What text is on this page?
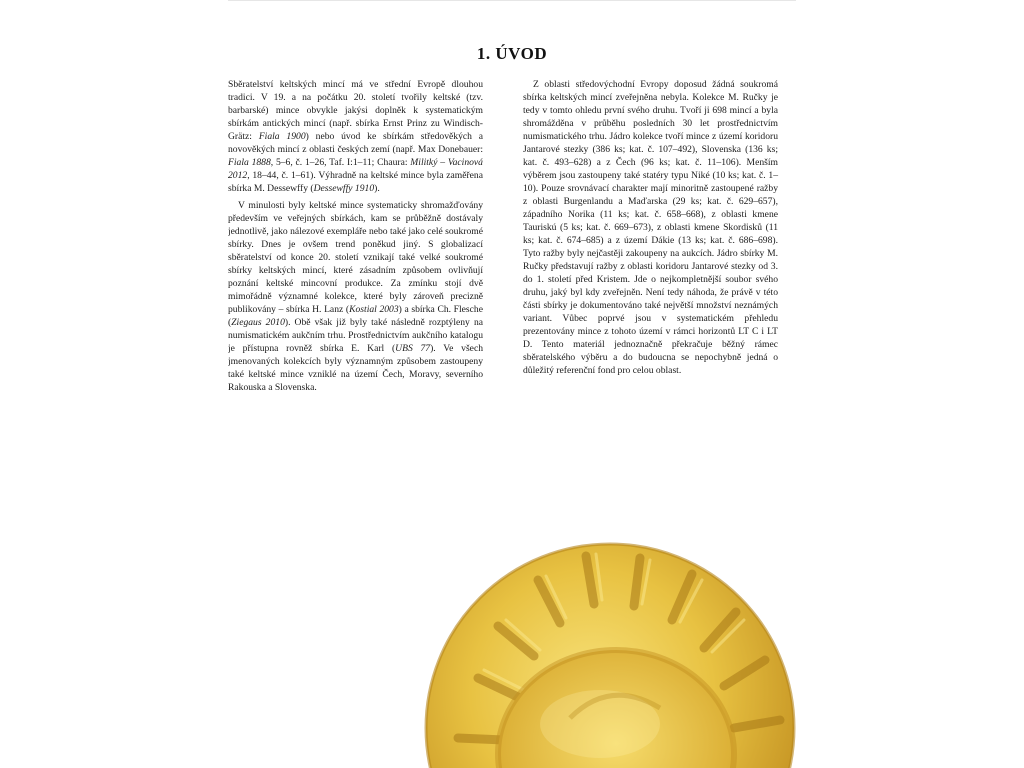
1. ÚVOD

Sběratelství keltských mincí má ve střední Evropě dlouhou tradici. V 19. a na počátku 20. století tvořily keltské (tzv. barbarské) mince obvykle jakýsi doplněk k systematickým sbírkám antických mincí (např. sbírka Ernst Prinz zu Windisch-Grätz: Fiala 1900) nebo úvod ke sbírkám středověkých a novověkých mincí z oblasti českých zemí (např. Max Donebauer: Fiala 1888, 5–6, č. 1–26, Taf. I:1–11; Chaura: Militký – Vacinová 2012, 18–44, č. 1–61). Výhradně na keltské mince byla zaměřena sbírka M. Dessewffy (Dessewffy 1910).

V minulosti byly keltské mince systematicky shromažďovány především ve veřejných sbírkách, kam se průběžně dostávaly jednotlivě, jako nálezové exempláře nebo také jako celé soukromé sbírky. Dnes je ovšem trend poněkud jiný. S globalizací sběratelství od konce 20. století vznikají také velké soukromé sbírky keltských mincí, které zásadním způsobem ovlivňují poznání keltské mincovní produkce. Za zmínku stojí dvě mimořádně významné kolekce, které byly zároveň precizně publikovány – sbírka H. Lanz (Kostial 2003) a sbírka Ch. Flesche (Ziegaus 2010). Obě však již byly také následně rozptýleny na numismatickém aukčním trhu. Prostřednictvím aukčního katalogu je přístupna rovněž sbírka E. Karl (UBS 77). Ve všech jmenovaných kolekcích byly významným způsobem zastoupeny také keltské mince vzniklé na území Čech, Moravy, severního Rakouska a Slovenska.

Z oblasti středovýchodní Evropy doposud žádná soukromá sbírka keltských mincí zveřejněna nebyla. Kolekce M. Ručky je tedy v tomto ohledu první svého druhu. Tvoří ji 698 mincí a byla shromážděna v průběhu posledních 30 let prostřednictvím numismatického trhu. Jádro kolekce tvoří mince z území koridoru Jantarové stezky (386 ks; kat. č. 107–492), Slovenska (136 ks; kat. č. 493–628) a z Čech (96 ks; kat. č. 11–106). Menším výběrem jsou zastoupeny také statéry typu Niké (10 ks; kat. č. 1–10). Pouze srovnávací charakter mají minoritně zastoupené ražby z oblasti Burgenlandu a Maďarska (29 ks; kat. č. 629–657), západního Norika (11 ks; kat. č. 658–668), z oblasti kmene Tauriskú (5 ks; kat. č. 669–673), z oblasti kmene Skordisků (11 ks; kat. č. 674–685) a z území Dákie (13 ks; kat. č. 686–698). Tyto ražby byly nejčastěji zakoupeny na aukcích. Jádro sbírky M. Ručky představují ražby z oblasti koridoru Jantarové stezky od 3. do 1. století před Kristem. Jde o nejkompletnější soubor svého druhu, jaký byl kdy zveřejněn. Není tedy náhoda, že právě v této části sbírky je dokumentováno také největší množství neznámých variant. Vůbec poprvé jsou v systematickém přehledu prezentovány mince z tohoto území v rámci horizontů LT C i LT D. Tento materiál jednoznačně překračuje běžný rámec sběratelského výběru a do budoucna se nepochybně jedná o důležitý referenční fond pro celou oblast.
